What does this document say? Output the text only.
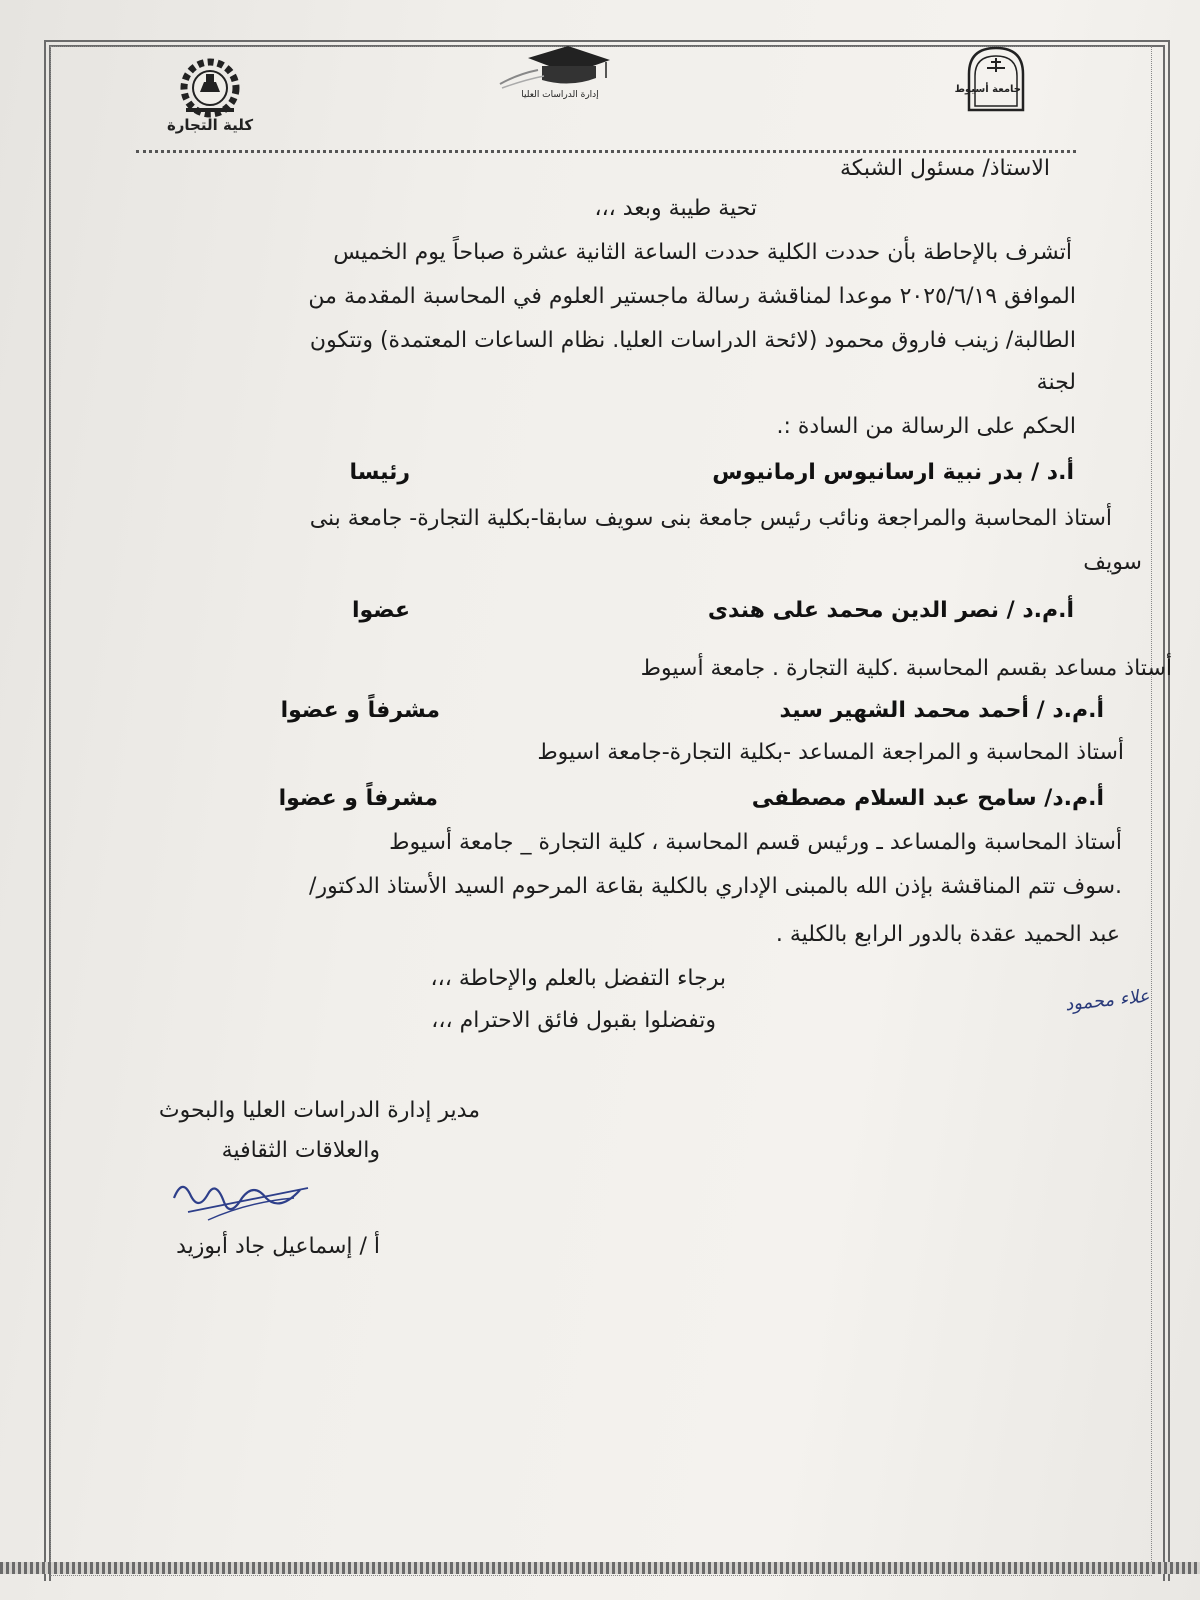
جامعة أسيوط
إدارة الدراسات العليا
كلية التجارة
الاستاذ/ مسئول الشبكة
تحية طيبة وبعد ،،،
أتشرف بالإحاطة بأن حددت الكلية حددت الساعة الثانية عشرة صباحاً يوم الخميس
الموافق ٢٠٢٥/٦/١٩ موعدا لمناقشة رسالة ماجستير العلوم في المحاسبة المقدمة من
الطالبة/ زينب فاروق محمود (لائحة الدراسات العليا. نظام الساعات المعتمدة) وتتكون
لجنة
الحكم على الرسالة من السادة :.
أ.د / بدر نبية ارسانيوس ارمانيوس
رئيسا
أستاذ المحاسبة والمراجعة ونائب رئيس جامعة بنى سويف سابقا-بكلية التجارة- جامعة بنى
سويف
أ.م.د / نصر الدين محمد على هندى
عضوا
أستاذ مساعد بقسم المحاسبة .كلية التجارة . جامعة أسيوط
أ.م.د / أحمد محمد الشهير سيد
مشرفاً و عضوا
أستاذ المحاسبة و المراجعة المساعد -بكلية التجارة-جامعة اسيوط
أ.م.د/ سامح عبد السلام مصطفى
مشرفاً و عضوا
أستاذ المحاسبة والمساعد ـ ورئيس قسم المحاسبة ، كلية التجارة _ جامعة أسيوط
.سوف تتم المناقشة بإذن الله بالمبنى الإداري بالكلية بقاعة المرحوم السيد الأستاذ الدكتور/
عبد الحميد عقدة بالدور الرابع بالكلية .
برجاء التفضل بالعلم والإحاطة ،،،
وتفضلوا بقبول فائق الاحترام ،،،
علاء محمود
مدير إدارة الدراسات العليا والبحوث
والعلاقات الثقافية
أ / إسماعيل جاد أبوزيد
